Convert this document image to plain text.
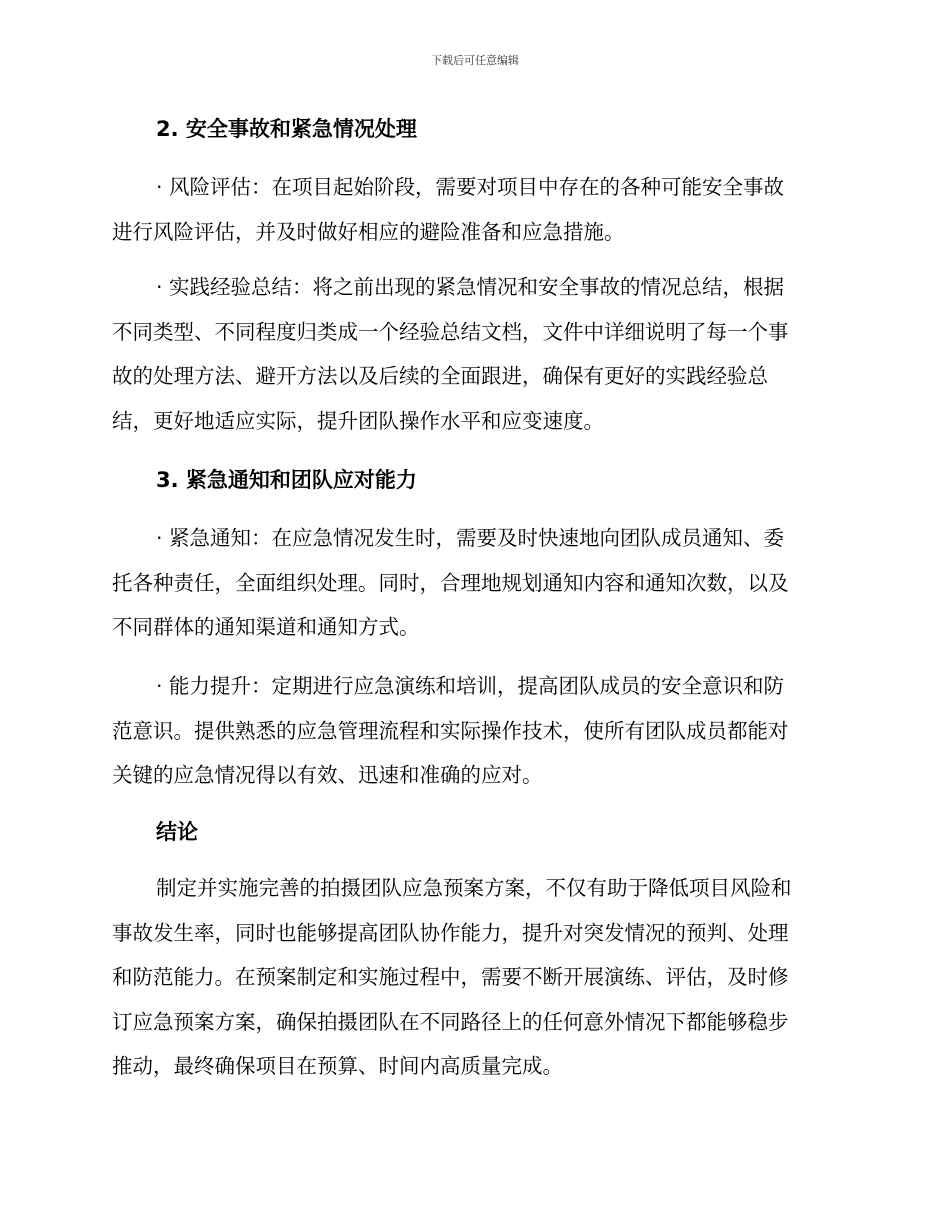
下载后可任意编辑
2. 安全事故和紧急情况处理
· 风险评估：在项目起始阶段，需要对项目中存在的各种可能安全事故
进行风险评估，并及时做好相应的避险准备和应急措施。
· 实践经验总结：将之前出现的紧急情况和安全事故的情况总结，根据
不同类型、不同程度归类成一个经验总结文档，文件中详细说明了每一个事
故的处理方法、避开方法以及后续的全面跟进，确保有更好的实践经验总
结，更好地适应实际，提升团队操作水平和应变速度。
3. 紧急通知和团队应对能力
· 紧急通知：在应急情况发生时，需要及时快速地向团队成员通知、委
托各种责任，全面组织处理。同时，合理地规划通知内容和通知次数，以及
不同群体的通知渠道和通知方式。
· 能力提升：定期进行应急演练和培训，提高团队成员的安全意识和防
范意识。提供熟悉的应急管理流程和实际操作技术，使所有团队成员都能对
关键的应急情况得以有效、迅速和准确的应对。
结论
制定并实施完善的拍摄团队应急预案方案，不仅有助于降低项目风险和
事故发生率，同时也能够提高团队协作能力，提升对突发情况的预判、处理
和防范能力。在预案制定和实施过程中，需要不断开展演练、评估，及时修
订应急预案方案，确保拍摄团队在不同路径上的任何意外情况下都能够稳步
推动，最终确保项目在预算、时间内高质量完成。
